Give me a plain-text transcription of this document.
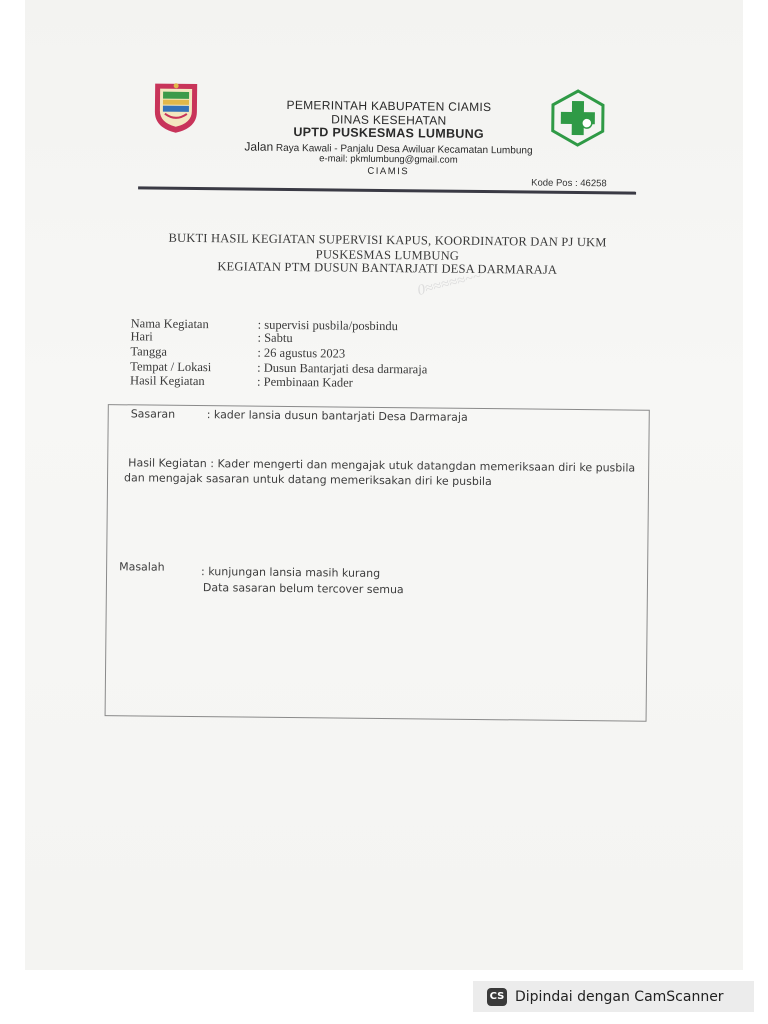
PEMERINTAH KABUPATEN CIAMIS
DINAS KESEHATAN
UPTD PUSKESMAS LUMBUNG
Jalan Raya Kawali - Panjalu Desa Awiluar Kecamatan Lumbung
e-mail: pkmlumbung@gmail.com
CIAMIS
Kode Pos : 46258
BUKTI HASIL KEGIATAN SUPERVISI KAPUS, KOORDINATOR DAN PJ UKM
PUSKESMAS LUMBUNG
KEGIATAN PTM DUSUN BANTARJATI DESA DARMARAJA
0≈≈≈≈≈~~
Nama Kegiatan	: supervisi pusbila/posbindu
Hari	: Sabtu
Tangga	: 26 agustus 2023
Tempat / Lokasi	: Dusun Bantarjati desa darmaraja
Hasil Kegiatan	: Pembinaan Kader
Sasaran	: kader lansia dusun bantarjati Desa Darmaraja
Hasil Kegiatan : Kader mengerti dan mengajak utuk datangdan memeriksaan diri ke pusbila
dan mengajak sasaran untuk datang memeriksakan diri ke pusbila
Masalah	: kunjungan lansia masih kurang
Data sasaran belum tercover semua
CS Dipindai dengan CamScanner
